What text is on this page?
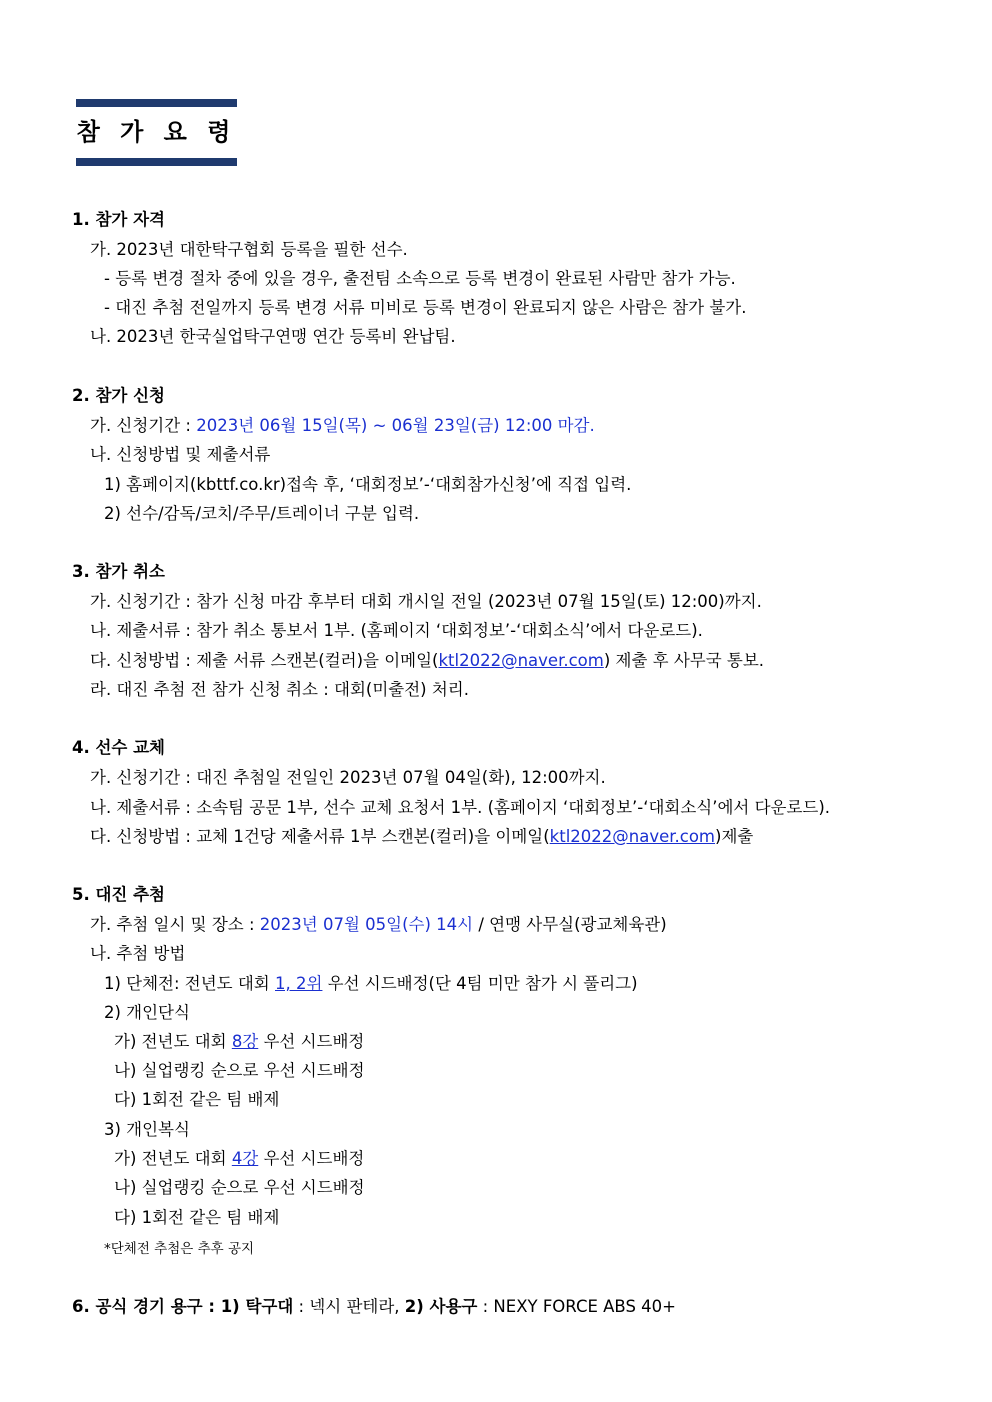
참 가 요 령
1. 참가 자격
가. 2023년 대한탁구협회 등록을 필한 선수.
- 등록 변경 절차 중에 있을 경우, 출전팀 소속으로 등록 변경이 완료된 사람만 참가 가능.
- 대진 추첨 전일까지 등록 변경 서류 미비로 등록 변경이 완료되지 않은 사람은 참가 불가.
나. 2023년 한국실업탁구연맹 연간 등록비 완납팀.
2. 참가 신청
가. 신청기간 : 2023년 06월 15일(목) ~ 06월 23일(금) 12:00 마감.
나. 신청방법 및 제출서류
1) 홈페이지(kbttf.co.kr)접속 후, ‘대회정보’-‘대회참가신청’에 직접 입력.
2) 선수/감독/코치/주무/트레이너 구분 입력.
3. 참가 취소
가. 신청기간 : 참가 신청 마감 후부터 대회 개시일 전일 (2023년 07월 15일(토) 12:00)까지.
나. 제출서류 : 참가 취소 통보서 1부. (홈페이지 ‘대회정보’-‘대회소식’에서 다운로드).
다. 신청방법 : 제출 서류 스캔본(컬러)을 이메일(ktl2022@naver.com) 제출 후 사무국 통보.
라. 대진 추첨 전 참가 신청 취소 : 대회(미출전) 처리.
4. 선수 교체
가. 신청기간 : 대진 추첨일 전일인 2023년 07월 04일(화), 12:00까지.
나. 제출서류 : 소속팀 공문 1부, 선수 교체 요청서 1부. (홈페이지 ‘대회정보’-‘대회소식’에서 다운로드).
다. 신청방법 : 교체 1건당 제출서류 1부 스캔본(컬러)을 이메일(ktl2022@naver.com)제출
5. 대진 추첨
가. 추첨 일시 및 장소 : 2023년 07월 05일(수) 14시 / 연맹 사무실(광교체육관)
나. 추첨 방법
1) 단체전: 전년도 대회 1, 2위 우선 시드배정(단 4팀 미만 참가 시 풀리그)
2) 개인단식
가) 전년도 대회 8강 우선 시드배정
나) 실업랭킹 순으로 우선 시드배정
다) 1회전 같은 팀 배제
3) 개인복식
가) 전년도 대회 4강 우선 시드배정
나) 실업랭킹 순으로 우선 시드배정
다) 1회전 같은 팀 배제
*단체전 추첨은 추후 공지
6. 공식 경기 용구 : 1) 탁구대 : 넥시 판테라, 2) 사용구 : NEXY FORCE ABS 40+
